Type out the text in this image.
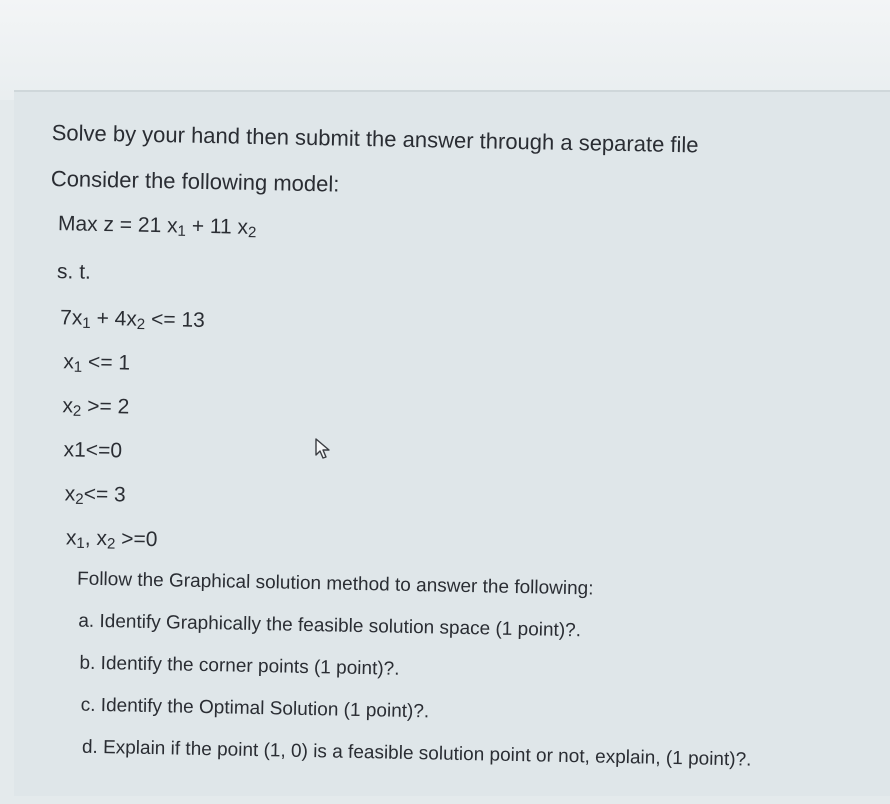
Solve by your hand then submit the answer through a separate file
Consider the following model:
Max z = 21 $x_1 + 11$ $x_2$
s. t.
$7x_1 + 4x_2 <= 13$
$x_1 <= 1$
$x_2 >= 2$
x1<=0
$x_2<= 3$
$x_1$, $x_2 >=0$
Follow the Graphical solution method to answer the following:
a. Identify Graphically the feasible solution space (1 point)?.
b. Identify the corner points (1 point)?.
c. Identify the Optimal Solution (1 point)?.
d. Explain if the point (1, 0) is a feasible solution point or not, explain, (1 point)?.
